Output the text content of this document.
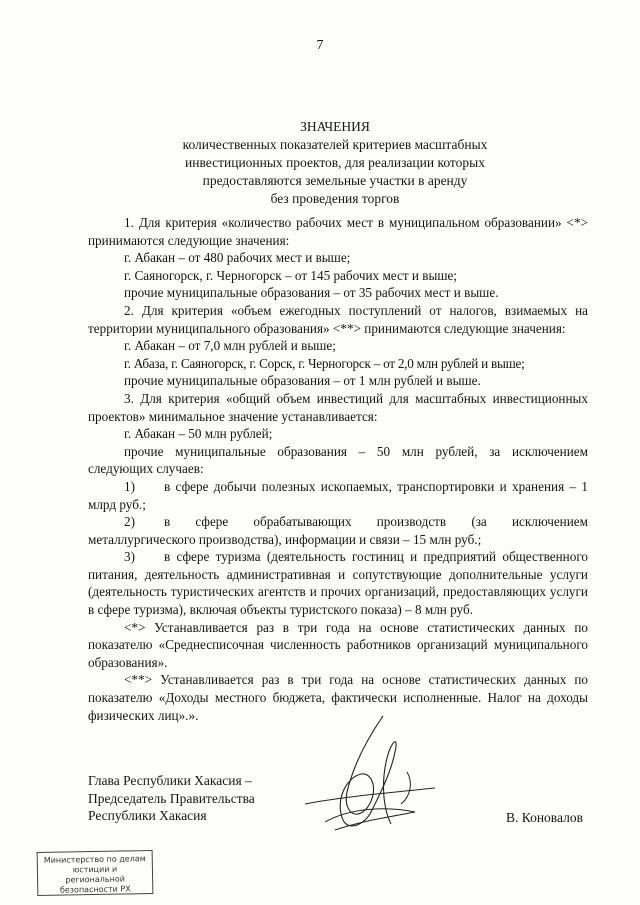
7
ЗНАЧЕНИЯ
количественных показателей критериев масштабных
инвестиционных проектов, для реализации которых
предоставляются земельные участки в аренду
без проведения торгов

1. Для критерия «количество рабочих мест в муниципальном образовании» <*> принимаются следующие значения:

г. Абакан – от 480 рабочих мест и выше;

г. Саяногорск, г. Черногорск – от 145 рабочих мест и выше;

прочие муниципальные образования – от 35 рабочих мест и выше.

2. Для критерия «объем ежегодных поступлений от налогов, взимаемых на территории муниципального образования» <**> принимаются следующие значения:

г. Абакан – от 7,0 млн рублей и выше;

г. Абаза, г. Саяногорск, г. Сорск, г. Черногорск – от 2,0 млн рублей и выше;

прочие муниципальные образования – от 1 млн рублей и выше.

3. Для критерия «общий объем инвестиций для масштабных инвестиционных проектов» минимальное значение устанавливается:

г. Абакан – 50 млн рублей;

прочие муниципальные образования – 50 млн рублей, за исключением следующих случаев:

1) в сфере добычи полезных ископаемых, транспортировки и хранения – 1 млрд руб.;

2) в сфере обрабатывающих производств (за исключением металлургического производства), информации и связи – 15 млн руб.;

3) в сфере туризма (деятельность гостиниц и предприятий общественного питания, деятельность административная и сопутствующие дополнительные услуги (деятельность туристических агентств и прочих организаций, предоставляющих услуги в сфере туризма), включая объекты туристского показа) – 8 млн руб.

<*> Устанавливается раз в три года на основе статистических данных по показателю «Среднесписочная численность работников организаций муниципального образования».

<**> Устанавливается раз в три года на основе статистических данных по показателю «Доходы местного бюджета, фактически исполненные. Налог на доходы физических лиц».».

Глава Республики Хакасия –
Председатель Правительства
Республики Хакасия	В. Коновалов
Министерство по делам
юстиции и региональной
безопасности РХ
